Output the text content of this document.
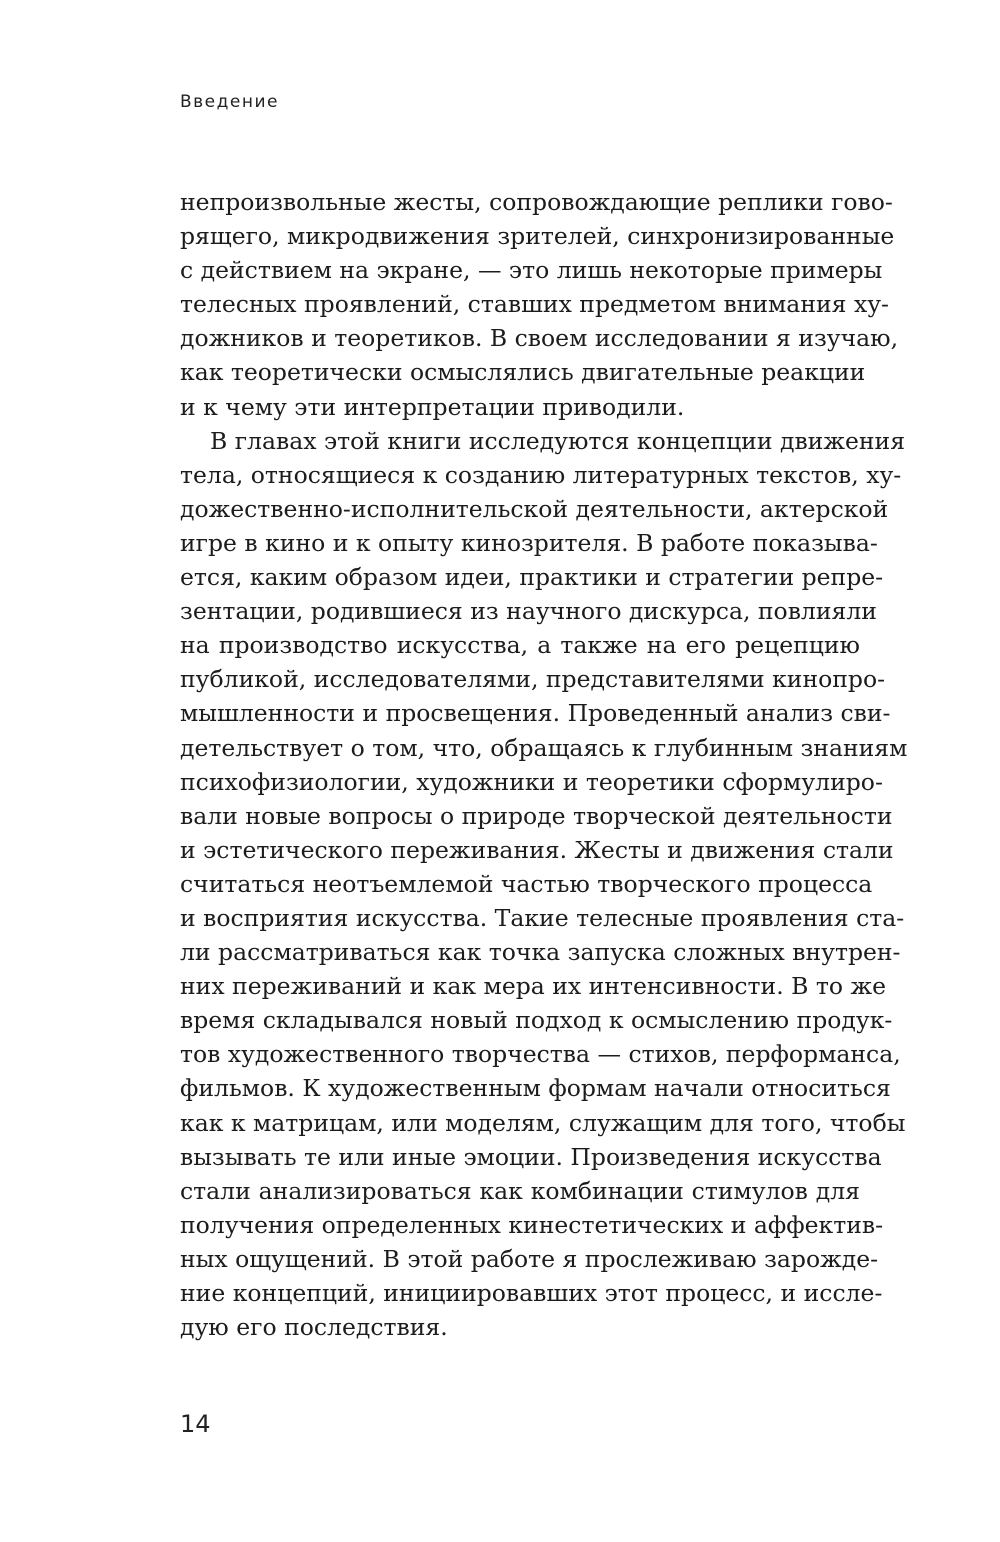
Введение

непроизвольные жесты, сопровождающие реплики гово-
рящего, микродвижения зрителей, синхронизированные
с действием на экране, — это лишь некоторые примеры
телесных проявлений, ставших предметом внимания ху-
дожников и теоретиков. В своем исследовании я изучаю,
как теоретически осмыслялись двигательные реакции
и к чему эти интерпретации приводили.

В главах этой книги исследуются концепции движения
тела, относящиеся к созданию литературных текстов, ху-
дожественно-исполнительской деятельности, актерской
игре в кино и к опыту кинозрителя. В работе показыва-
ется, каким образом идеи, практики и стратегии репре-
зентации, родившиеся из научного дискурса, повлияли
на производство искусства, а также на его рецепцию
публикой, исследователями, представителями кинопро-
мышленности и просвещения. Проведенный анализ сви-
детельствует о том, что, обращаясь к глубинным знаниям
психофизиологии, художники и теоретики сформулиро-
вали новые вопросы о природе творческой деятельности
и эстетического переживания. Жесты и движения стали
считаться неотъемлемой частью творческого процесса
и восприятия искусства. Такие телесные проявления ста-
ли рассматриваться как точка запуска сложных внутрен-
них переживаний и как мера их интенсивности. В то же
время складывался новый подход к осмыслению продук-
тов художественного творчества — стихов, перформанса,
фильмов. К художественным формам начали относиться
как к матрицам, или моделям, служащим для того, чтобы
вызывать те или иные эмоции. Произведения искусства
стали анализироваться как комбинации стимулов для
получения определенных кинестетических и аффектив-
ных ощущений. В этой работе я прослеживаю зарожде-
ние концепций, инициировавших этот процесс, и иссле-
дую его последствия.

14
